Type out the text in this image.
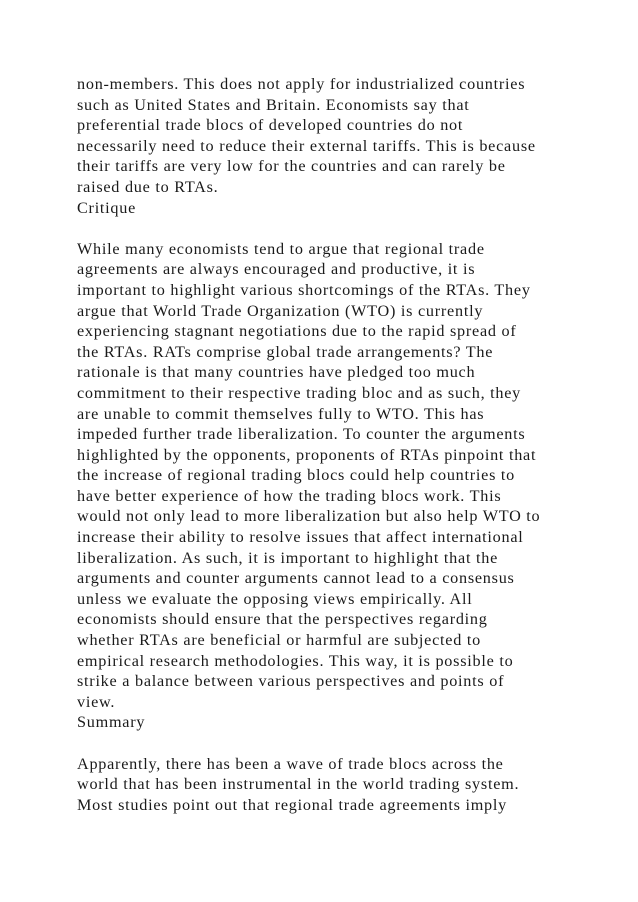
non-members. This does not apply for industrialized countries
such as United States and Britain. Economists say that
preferential trade blocs of developed countries do not
necessarily need to reduce their external tariffs. This is because
their tariffs are very low for the countries and can rarely be
raised due to RTAs.
Critique
While many economists tend to argue that regional trade
agreements are always encouraged and productive, it is
important to highlight various shortcomings of the RTAs. They
argue that World Trade Organization (WTO) is currently
experiencing stagnant negotiations due to the rapid spread of
the RTAs. RATs comprise global trade arrangements? The
rationale is that many countries have pledged too much
commitment to their respective trading bloc and as such, they
are unable to commit themselves fully to WTO. This has
impeded further trade liberalization. To counter the arguments
highlighted by the opponents, proponents of RTAs pinpoint that
the increase of regional trading blocs could help countries to
have better experience of how the trading blocs work. This
would not only lead to more liberalization but also help WTO to
increase their ability to resolve issues that affect international
liberalization. As such, it is important to highlight that the
arguments and counter arguments cannot lead to a consensus
unless we evaluate the opposing views empirically. All
economists should ensure that the perspectives regarding
whether RTAs are beneficial or harmful are subjected to
empirical research methodologies. This way, it is possible to
strike a balance between various perspectives and points of
view.
Summary
Apparently, there has been a wave of trade blocs across the
world that has been instrumental in the world trading system.
Most studies point out that regional trade agreements imply
